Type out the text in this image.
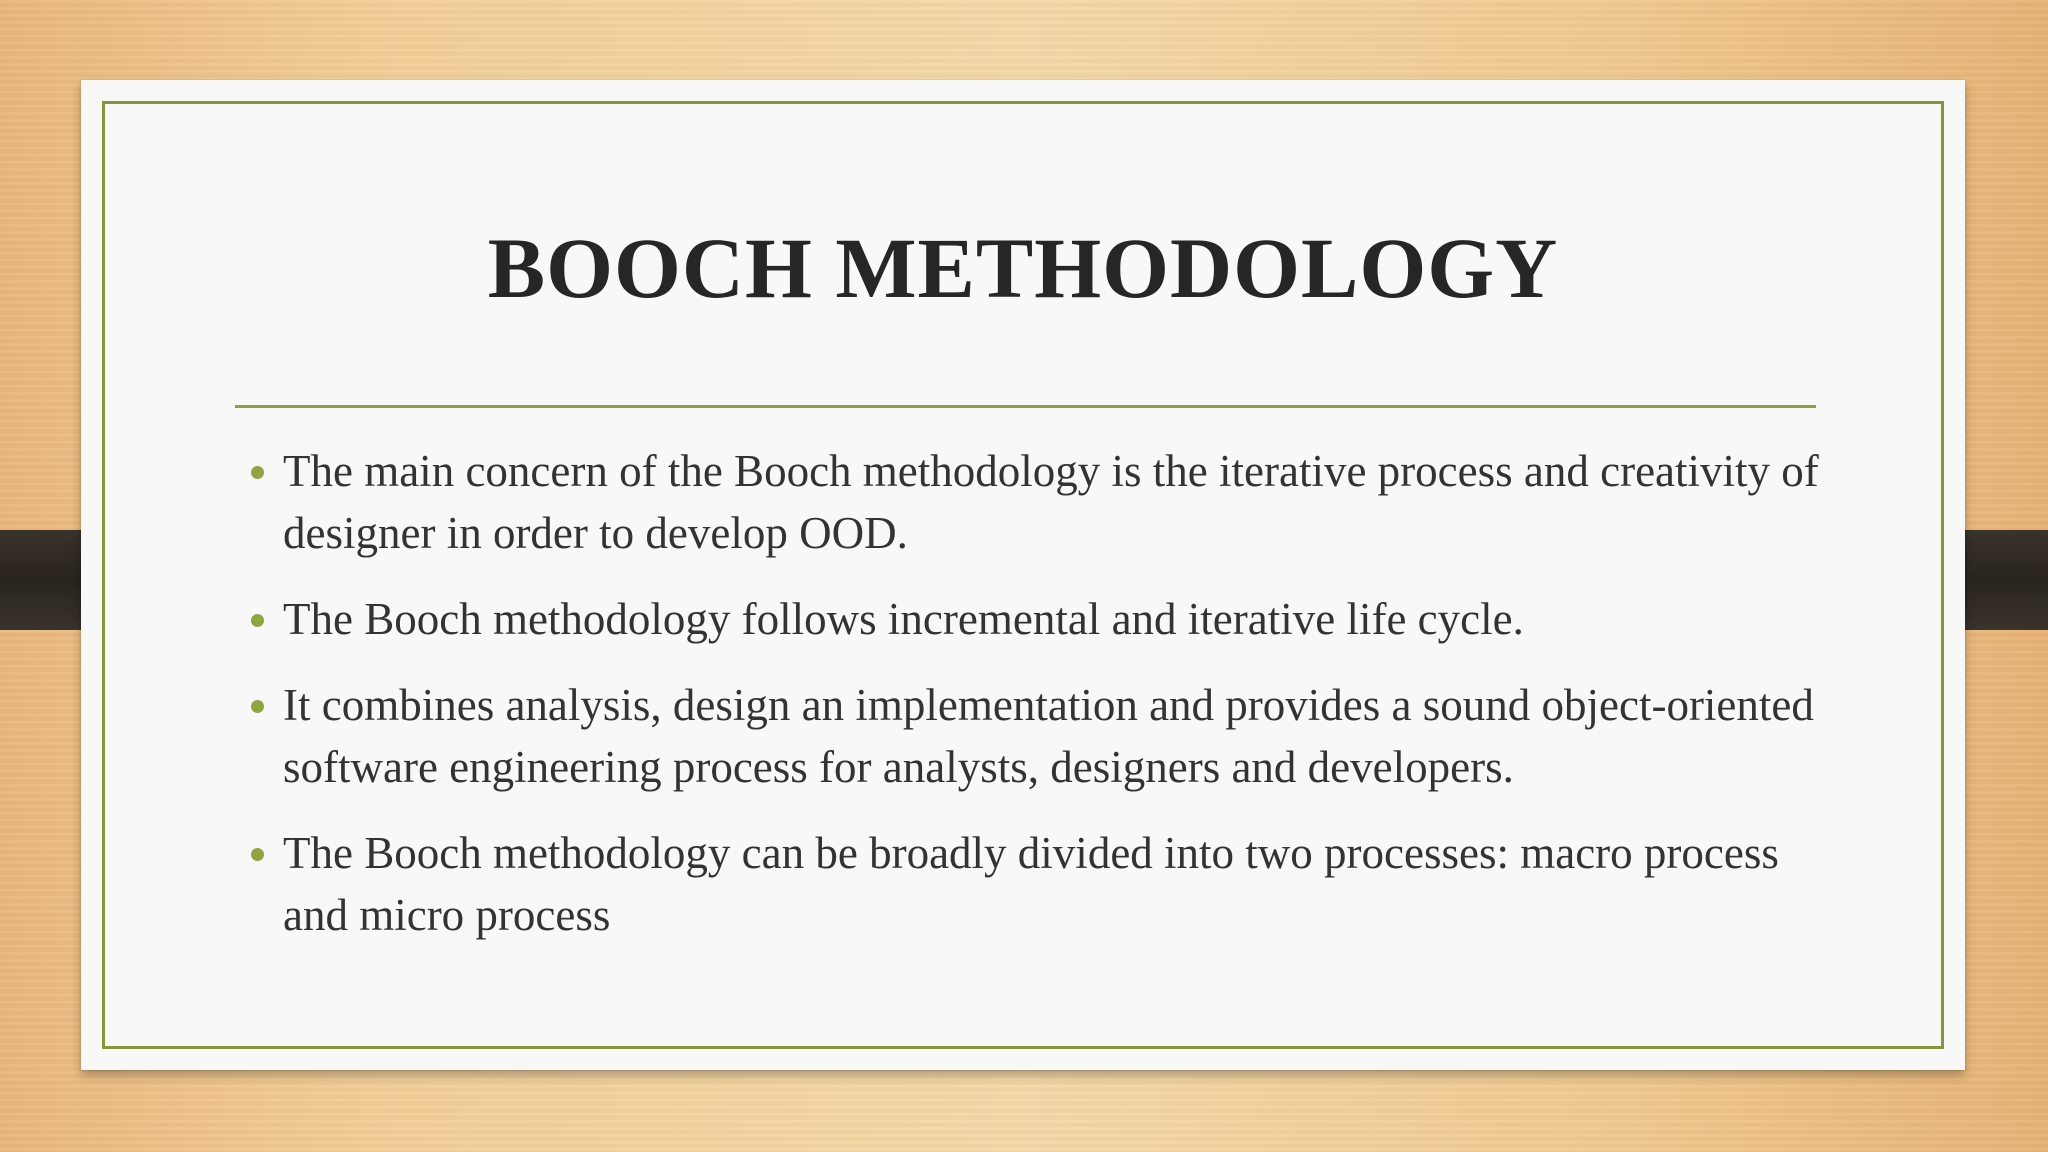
BOOCH METHODOLOGY
The main concern of the Booch methodology is the iterative process and creativity of designer in order to develop OOD.
The Booch methodology follows incremental and iterative life cycle.
It combines analysis, design an implementation and provides a sound object-oriented software engineering process for analysts, designers and developers.
The Booch methodology can be broadly divided into two processes: macro process and micro process
